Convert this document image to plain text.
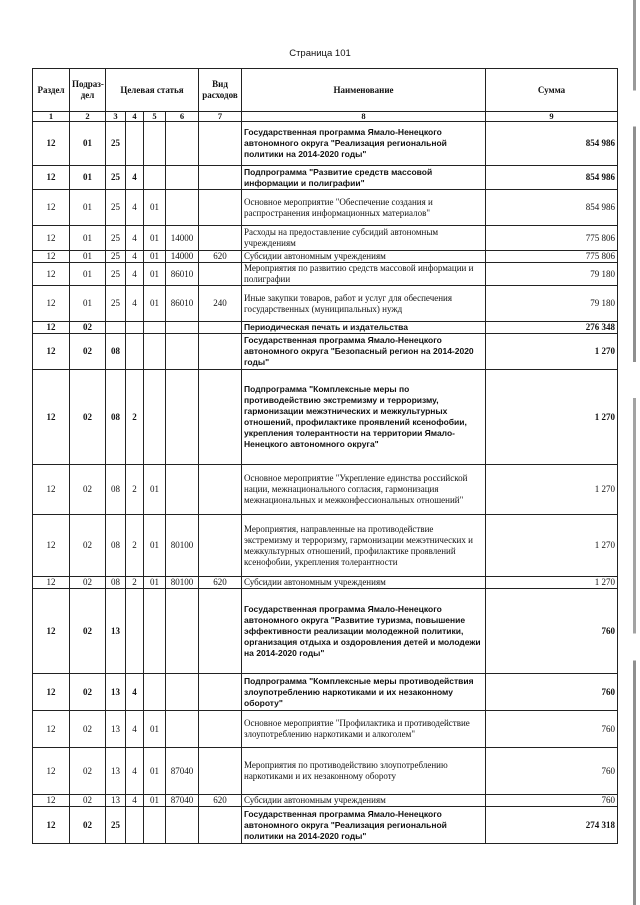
Страница 101
Раздел	Подраз-дел	Целевая статья				Вид расходов	Наименование	Сумма
1	2	3	4	5	6	7	8	9
12	01	25					Государственная программа Ямало-Ненецкого автономного округа "Реализация региональной политики на 2014-2020 годы"	854 986
12	01	25	4				Подпрограмма "Развитие средств массовой информации и полиграфии"	854 986
12	01	25	4	01			Основное мероприятие "Обеспечение создания и распространения информационных материалов"	854 986
12	01	25	4	01	14000		Расходы на предоставление субсидий автономным учреждениям	775 806
12	01	25	4	01	14000	620	Субсидии автономным учреждениям	775 806
12	01	25	4	01	86010		Мероприятия по развитию средств массовой информации и полиграфии	79 180
12	01	25	4	01	86010	240	Иные закупки товаров, работ и услуг для обеспечения государственных (муниципальных) нужд	79 180
12	02						Периодическая печать и издательства	276 348
12	02	08					Государственная программа Ямало-Ненецкого автономного округа "Безопасный регион на 2014-2020 годы"	1 270
12	02	08	2				Подпрограмма "Комплексные меры по противодействию экстремизму и терроризму, гармонизации межэтнических и межкультурных отношений, профилактике проявлений ксенофобии, укрепления толерантности на территории Ямало-Ненецкого автономного округа"	1 270
12	02	08	2	01			Основное мероприятие "Укрепление единства российской нации, межнационального согласия, гармонизация межнациональных и межконфессиональных отношений"	1 270
12	02	08	2	01	80100		Мероприятия, направленные на противодействие экстремизму и терроризму, гармонизации межэтнических и межкультурных отношений, профилактике проявлений ксенофобии, укрепления толерантности	1 270
12	02	08	2	01	80100	620	Субсидии автономным учреждениям	1 270
12	02	13					Государственная программа Ямало-Ненецкого автономного округа "Развитие туризма, повышение эффективности реализации молодежной политики, организация отдыха и оздоровления детей и молодежи на 2014-2020 годы"	760
12	02	13	4				Подпрограмма "Комплексные меры противодействия злоупотреблению наркотиками и их незаконному обороту"	760
12	02	13	4	01			Основное мероприятие "Профилактика и противодействие злоупотреблению наркотиками и алкоголем"	760
12	02	13	4	01	87040		Мероприятия по противодействию злоупотреблению наркотиками и их незаконному обороту	760
12	02	13	4	01	87040	620	Субсидии автономным учреждениям	760
12	02	25					Государственная программа Ямало-Ненецкого автономного округа "Реализация региональной политики на 2014-2020 годы"	274 318
